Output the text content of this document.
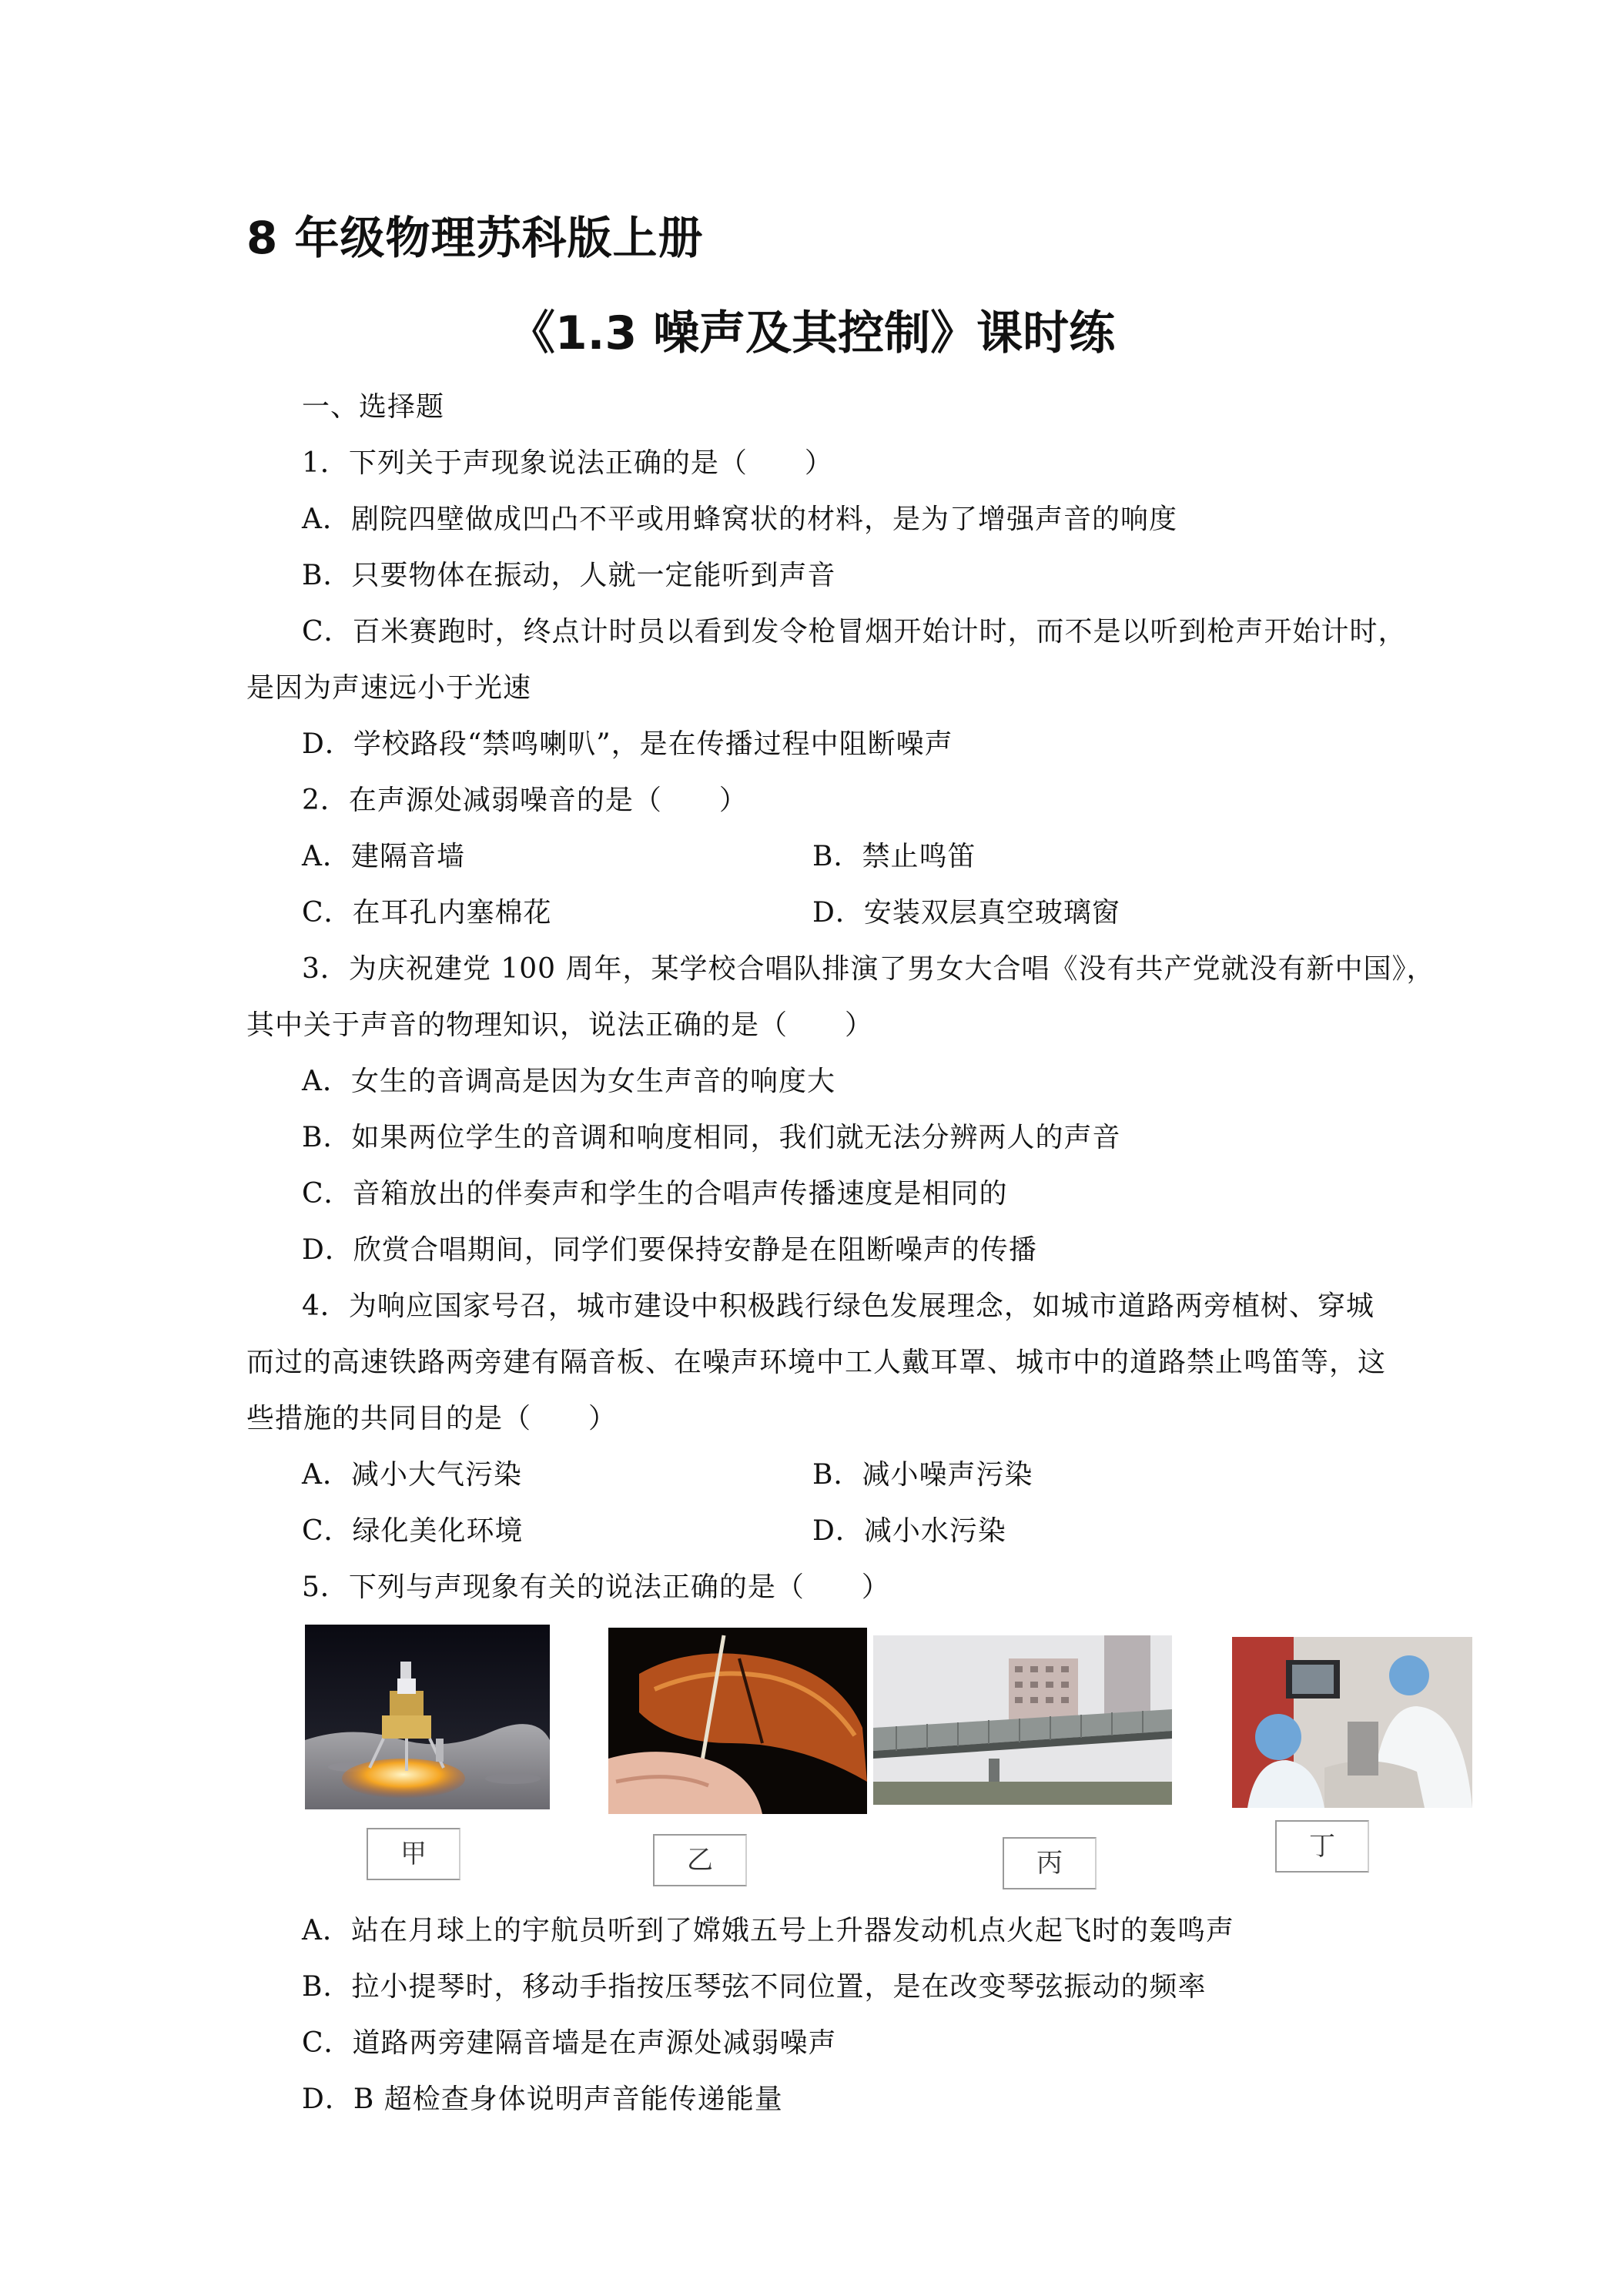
8 年级物理苏科版上册
《1.3 噪声及其控制》课时练
一、选择题
1．下列关于声现象说法正确的是（　　）
A．剧院四壁做成凹凸不平或用蜂窝状的材料，是为了增强声音的响度
B．只要物体在振动，人就一定能听到声音
C．百米赛跑时，终点计时员以看到发令枪冒烟开始计时，而不是以听到枪声开始计时，
是因为声速远小于光速
D．学校路段“禁鸣喇叭”，是在传播过程中阻断噪声
2．在声源处减弱噪音的是（　　）
A．建隔音墙	B．禁止鸣笛
C．在耳孔内塞棉花	D．安装双层真空玻璃窗
3．为庆祝建党 100 周年，某学校合唱队排演了男女大合唱《没有共产党就没有新中国》，
其中关于声音的物理知识，说法正确的是（　　）
A．女生的音调高是因为女生声音的响度大
B．如果两位学生的音调和响度相同，我们就无法分辨两人的声音
C．音箱放出的伴奏声和学生的合唱声传播速度是相同的
D．欣赏合唱期间，同学们要保持安静是在阻断噪声的传播
4．为响应国家号召，城市建设中积极践行绿色发展理念，如城市道路两旁植树、穿城
而过的高速铁路两旁建有隔音板、在噪声环境中工人戴耳罩、城市中的道路禁止鸣笛等，这
些措施的共同目的是（　　）
A．减小大气污染	B．减小噪声污染
C．绿化美化环境	D．减小水污染
5．下列与声现象有关的说法正确的是（　　）
甲	乙	丙
丁
A．站在月球上的宇航员听到了嫦娥五号上升器发动机点火起飞时的轰鸣声
B．拉小提琴时，移动手指按压琴弦不同位置，是在改变琴弦振动的频率
C．道路两旁建隔音墙是在声源处减弱噪声
D．B 超检查身体说明声音能传递能量
